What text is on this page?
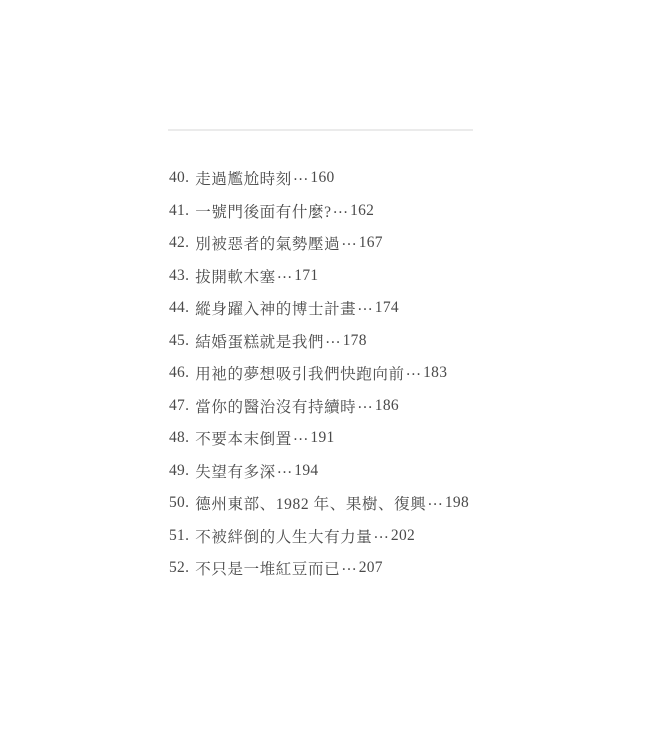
40. 走過尷尬時刻 … 160
41. 一號門後面有什麼? … 162
42. 別被惡者的氣勢壓過 … 167
43. 拔開軟木塞 … 171
44. 縱身躍入神的博士計畫 … 174
45. 結婚蛋糕就是我們 … 178
46. 用祂的夢想吸引我們快跑向前 … 183
47. 當你的醫治沒有持續時 … 186
48. 不要本末倒置 … 191
49. 失望有多深 … 194
50. 德州東部、1982 年、果樹、復興 … 198
51. 不被絆倒的人生大有力量 … 202
52. 不只是一堆紅豆而已 … 207
